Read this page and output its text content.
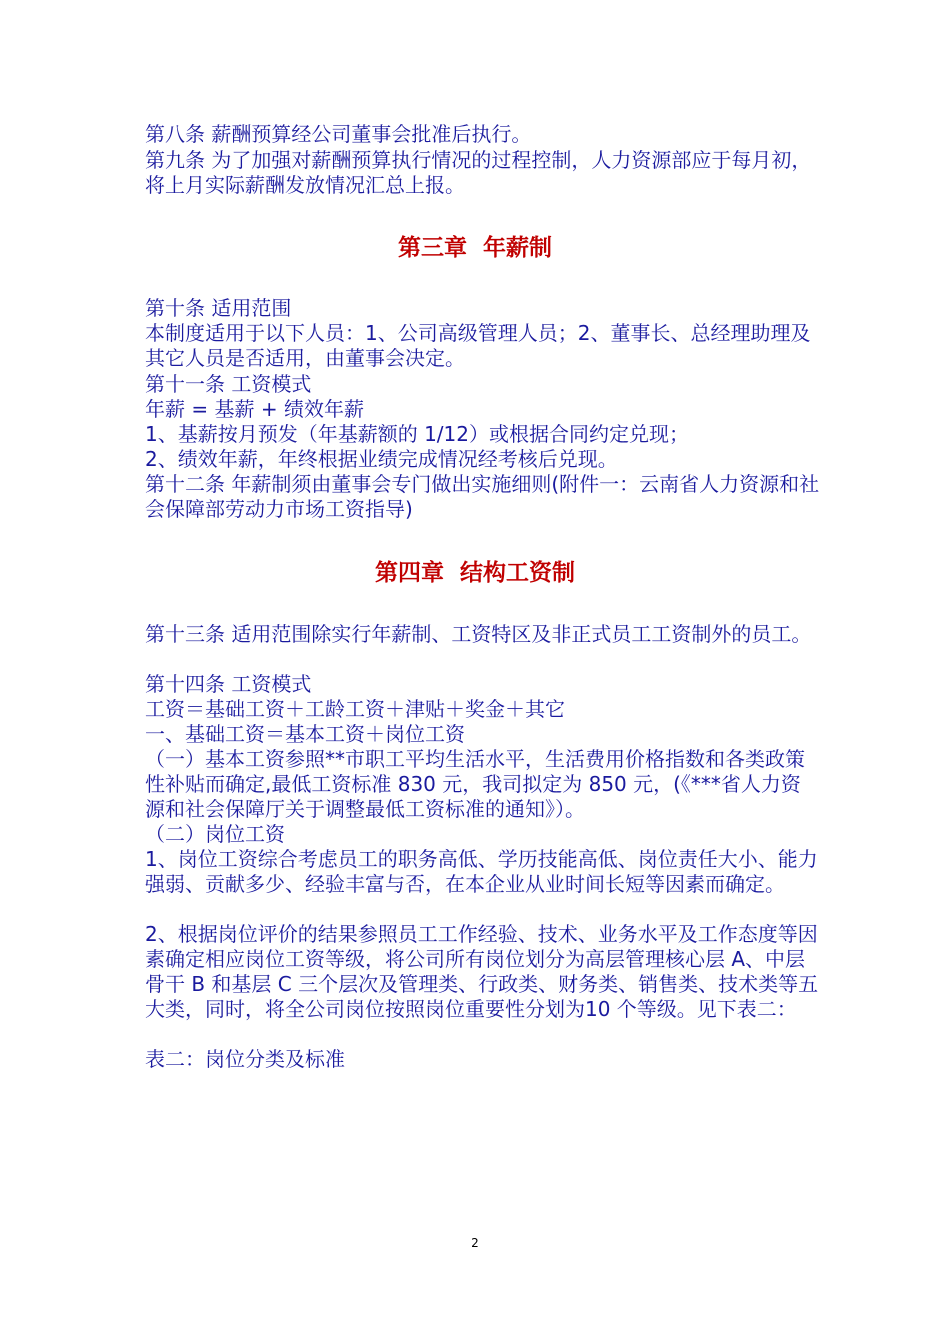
第八条 薪酬预算经公司董事会批准后执行。
第九条 为了加强对薪酬预算执行情况的过程控制，人力资源部应于每月初，将上月实际薪酬发放情况汇总上报。
第三章  年薪制
第十条 适用范围
本制度适用于以下人员：1、公司高级管理人员；2、董事长、总经理助理及其它人员是否适用，由董事会决定。
第十一条 工资模式
年薪 = 基薪 + 绩效年薪
1、基薪按月预发（年基薪额的 1/12）或根据合同约定兑现；
2、绩效年薪，年终根据业绩完成情况经考核后兑现。
第十二条 年薪制须由董事会专门做出实施细则(附件一：云南省人力资源和社会保障部劳动力市场工资指导)
第四章  结构工资制
第十三条 适用范围除实行年薪制、工资特区及非正式员工工资制外的员工。
第十四条 工资模式
工资＝基础工资＋工龄工资＋津贴＋奖金＋其它
一、基础工资＝基本工资＋岗位工资
（一）基本工资参照**市职工平均生活水平，生活费用价格指数和各类政策性补贴而确定,最低工资标准 830 元，我司拟定为 850 元，(《***省人力资源和社会保障厅关于调整最低工资标准的通知》）。
（二）岗位工资
1、岗位工资综合考虑员工的职务高低、学历技能高低、岗位责任大小、能力强弱、贡献多少、经验丰富与否，在本企业从业时间长短等因素而确定。
2、根据岗位评价的结果参照员工工作经验、技术、业务水平及工作态度等因素确定相应岗位工资等级，将公司所有岗位划分为高层管理核心层 A、中层骨干 B 和基层 C 三个层次及管理类、行政类、财务类、销售类、技术类等五大类，同时，将全公司岗位按照岗位重要性分划为10 个等级。见下表二：
表二：岗位分类及标准
2
